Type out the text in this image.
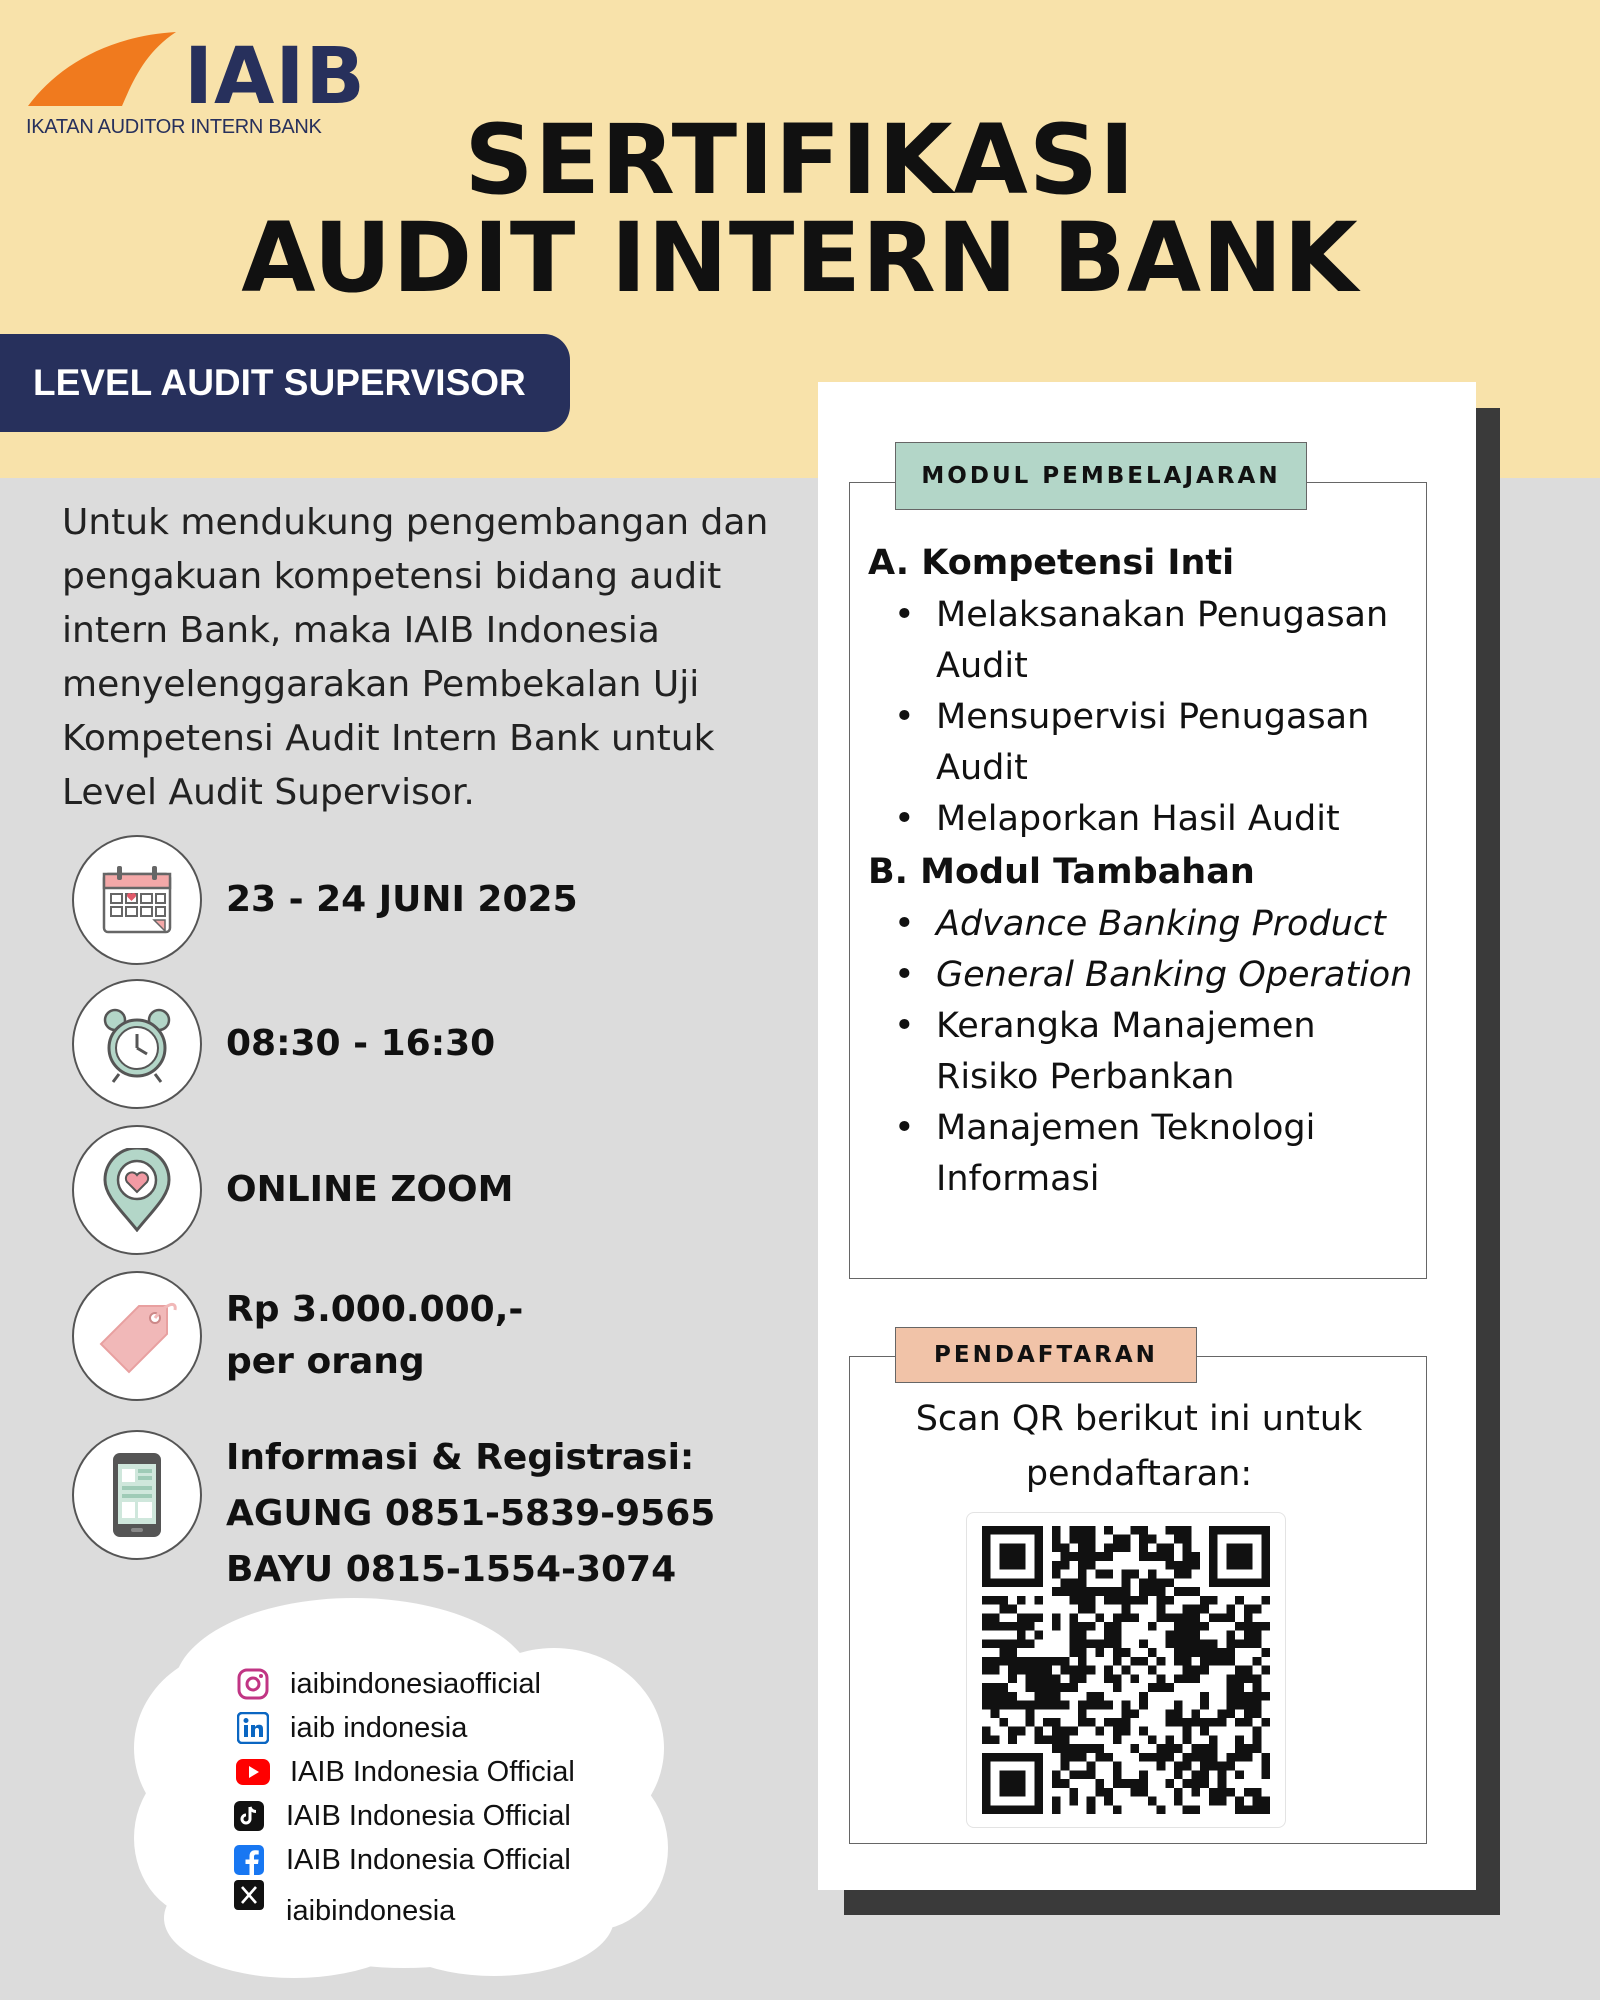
IAIB
IKATAN AUDITOR INTERN BANK	SERTIFIKASI
AUDIT INTERN BANK
LEVEL AUDIT SUPERVISOR

Untuk mendukung pengembangan dan pengakuan kompetensi bidang audit intern Bank, maka IAIB Indonesia menyelenggarakan Pembekalan Uji Kompetensi Audit Intern Bank untuk Level Audit Supervisor.

23 - 24 JUNI 2025
08:30 - 16:30
ONLINE ZOOM
Rp 3.000.000,-
per orang
Informasi & Registrasi:
AGUNG 0851-5839-9565
BAYU 0815-1554-3074
iaibindonesiaofficial
iaib indonesia
IAIB Indonesia Official
IAIB Indonesia Official
IAIB Indonesia Official
iaibindonesia
MODUL PEMBELAJARAN
A. Kompetensi Inti
• Melaksanakan Penugasan Audit
• Mensupervisi Penugasan Audit
• Melaporkan Hasil Audit
B. Modul Tambahan
• Advance Banking Product
• General Banking Operation
• Kerangka Manajemen Risiko Perbankan
• Manajemen Teknologi Informasi
PENDAFTARAN
Scan QR berikut ini untuk pendaftaran:
